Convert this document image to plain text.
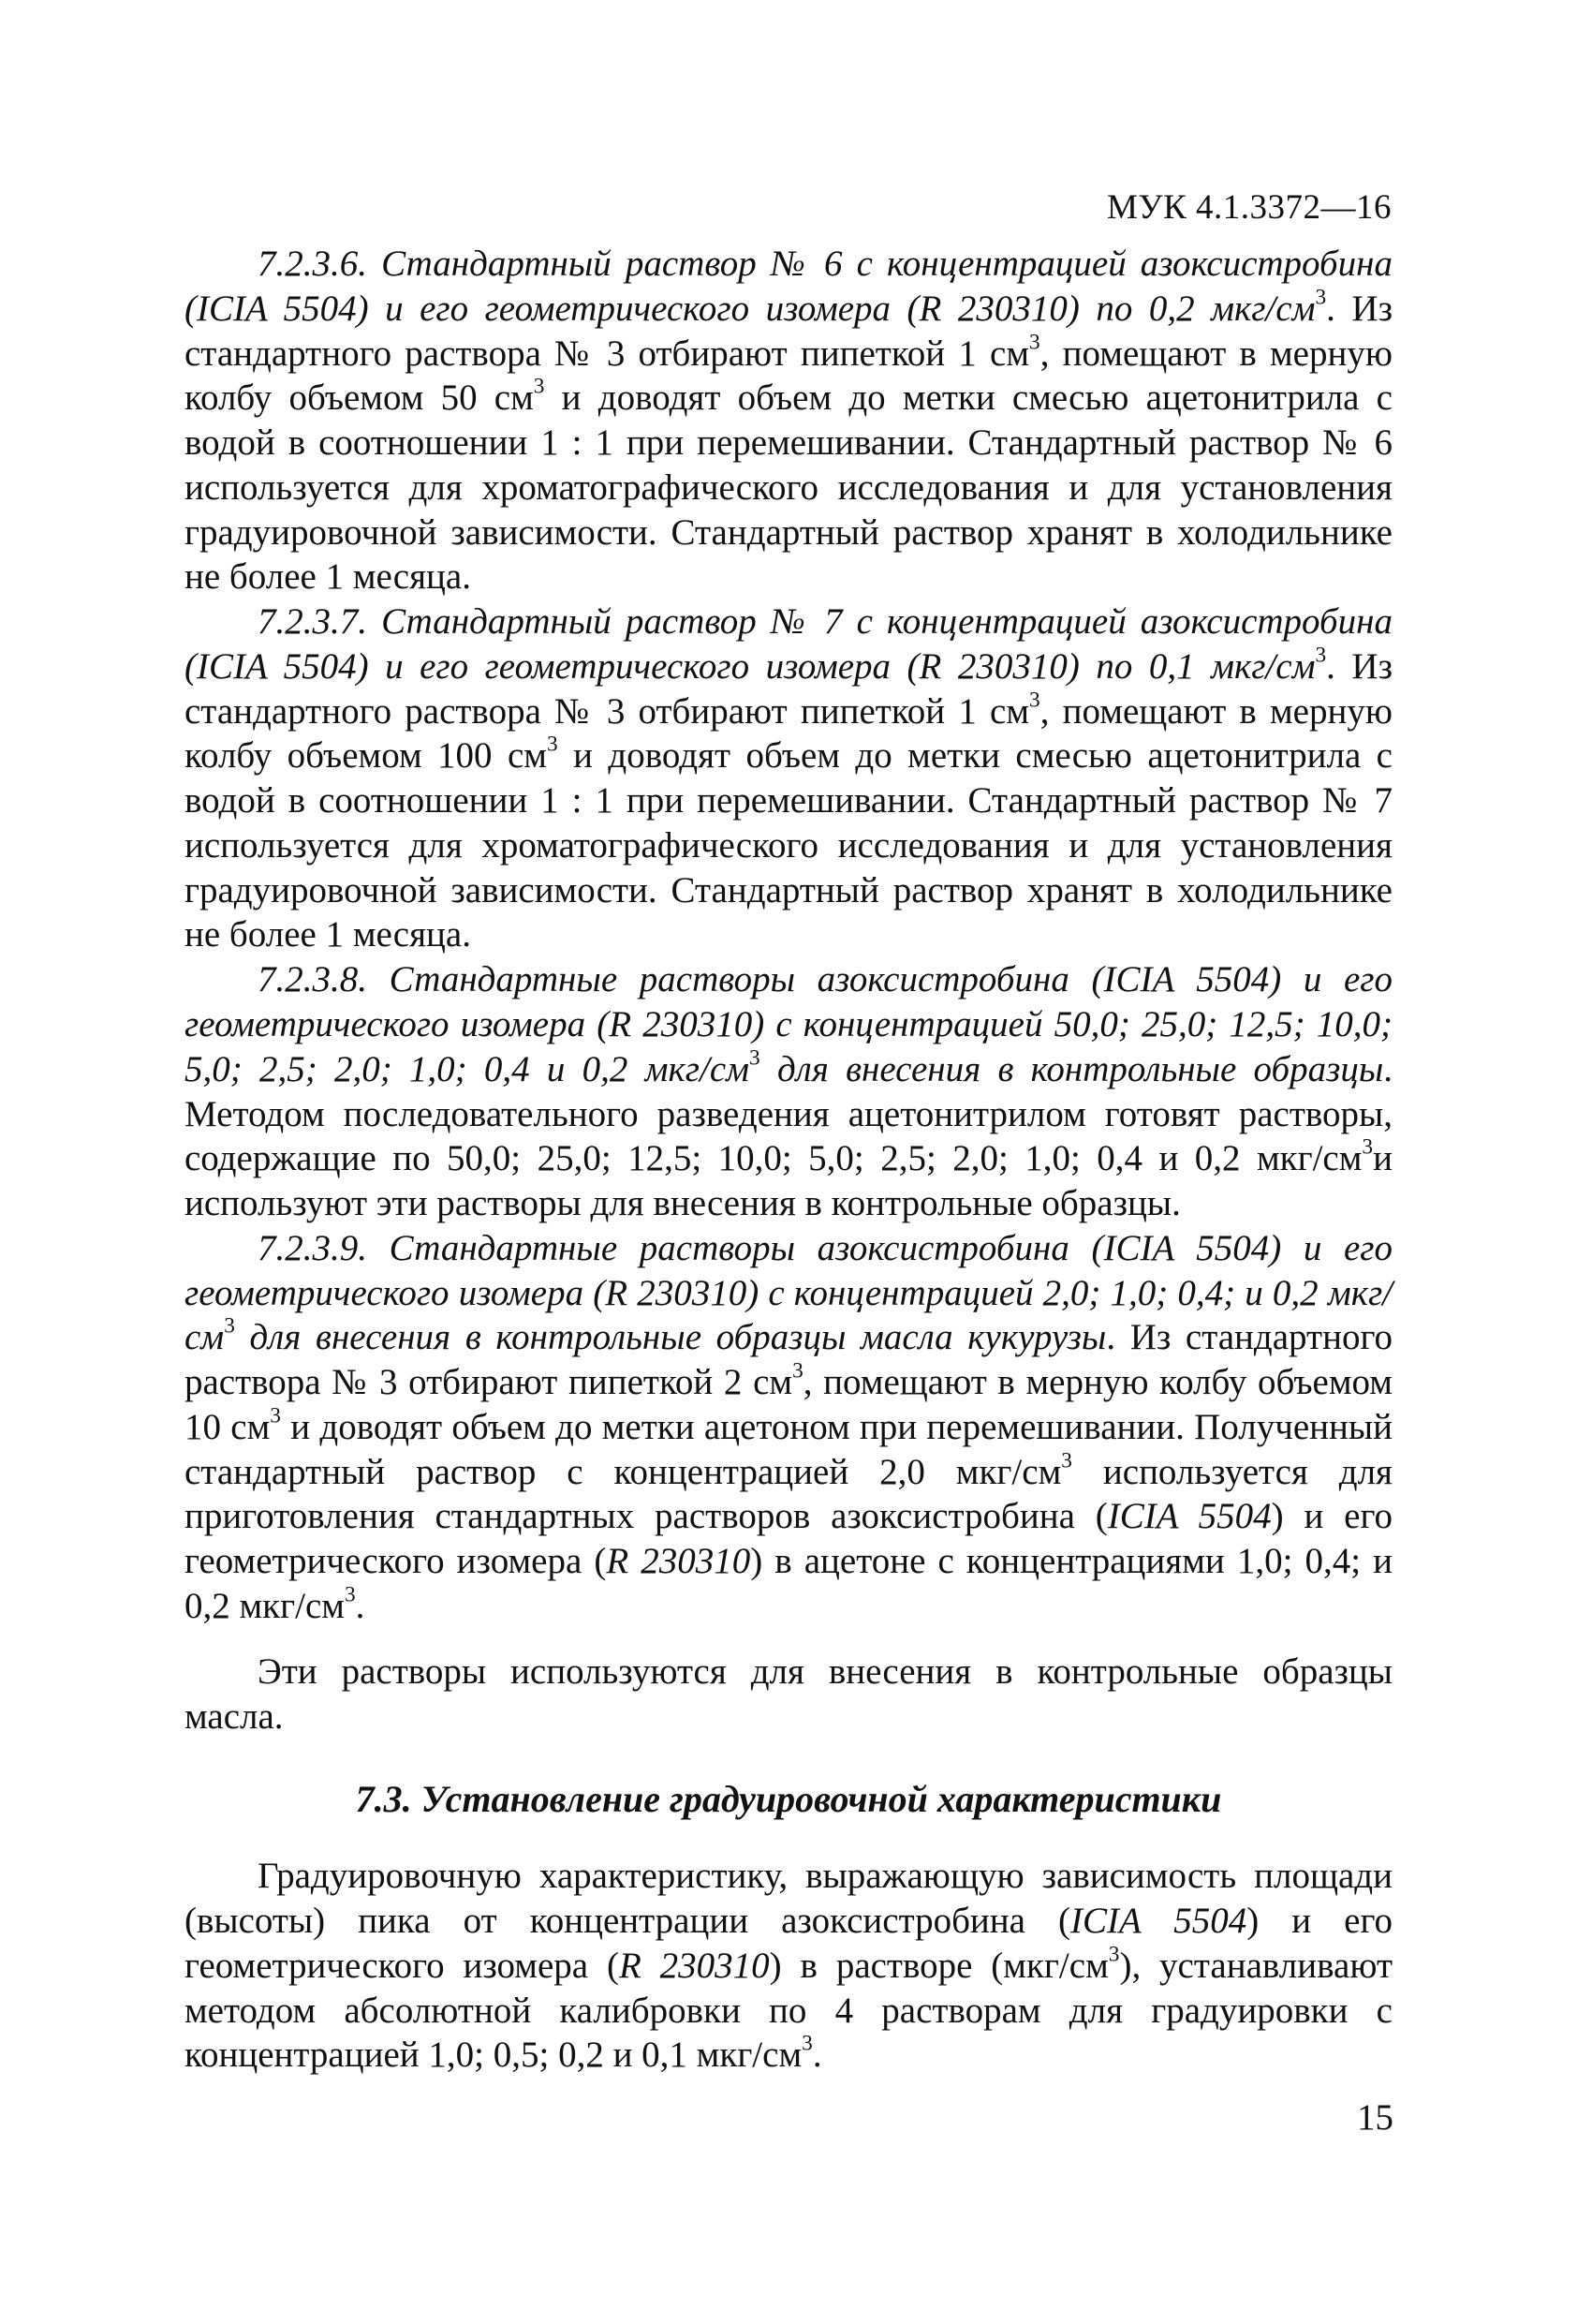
МУК 4.1.3372—16

7.2.3.6. Стандартный раствор № 6 с концентрацией азоксистробина (ICIA 5504) и его геометрического изомера (R 230310) по 0,2 мкг/$см^3$. Из стандартного раствора № 3 отбирают пипеткой 1 $см^3$, помещают в мерную колбу объемом 50 $см^3$ и доводят объем до метки смесью ацетонитрила с водой в соотношении 1 : 1 при перемешивании. Стандартный раствор № 6 используется для хроматографического исследования и для установления градуировочной зависимости. Стандартный раствор хранят в холодильнике не более 1 месяца.

7.2.3.7. Стандартный раствор № 7 с концентрацией азоксистробина (ICIA 5504) и его геометрического изомера (R 230310) по 0,1 мкг/$см^3$. Из стандартного раствора № 3 отбирают пипеткой 1 $см^3$, помещают в мерную колбу объемом 100 $см^3$ и доводят объем до метки смесью ацетонитрила с водой в соотношении 1 : 1 при перемешивании. Стандартный раствор № 7 используется для хроматографического исследования и для установления градуировочной зависимости. Стандартный раствор хранят в холодильнике не более 1 месяца.

7.2.3.8. Стандартные растворы азоксистробина (ICIA 5504) и его геометрического изомера (R 230310) с концентрацией 50,0; 25,0; 12,5; 10,0; 5,0; 2,5; 2,0; 1,0; 0,4 и 0,2 мкг/$см^3$ для внесения в контрольные образцы. Методом последовательного разведения ацетонитрилом готовят растворы, содержащие по 50,0; 25,0; 12,5; 10,0; 5,0; 2,5; 2,0; 1,0; 0,4 и 0,2 мкг/$см^3и$ используют эти растворы для внесения в контрольные образцы.

7.2.3.9. Стандартные растворы азоксистробина (ICIA 5504) и его геометрического изомера (R 230310) с концентрацией 2,0; 1,0; 0,4; и 0,2 мкг/$см^3$ для внесения в контрольные образцы масла кукурузы. Из стандартного раствора № 3 отбирают пипеткой 2 $см^3$, помещают в мерную колбу объемом 10 $см^3$ и доводят объем до метки ацетоном при перемешивании. Полученный стандартный раствор с концентрацией 2,0 мкг/$см^3$ используется для приготовления стандартных растворов азоксистробина (ICIA 5504) и его геометрического изомера (R 230310) в ацетоне с концентрациями 1,0; 0,4; и 0,2 мкг/$см^3$.

Эти растворы используются для внесения в контрольные образцы масла.

7.3. Установление градуировочной характеристики

Градуировочную характеристику, выражающую зависимость площади (высоты) пика от концентрации азоксистробина (ICIA 5504) и его геометрического изомера (R 230310) в растворе $(мкг/см^3)$, устанавливают методом абсолютной калибровки по 4 растворам для градуировки с концентрацией 1,0; 0,5; 0,2 и 0,1 мкг/$см^3$.

15
